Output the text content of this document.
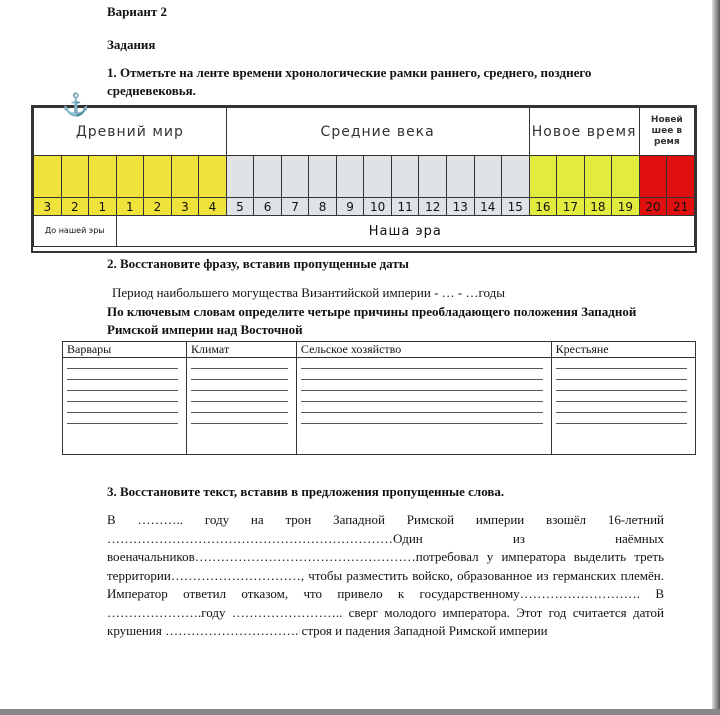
Вариант 2
Задания
1. Отметьте на ленте времени хронологические рамки раннего, среднего, позднего средневековья.
Древний мир							Средние века											Новое время				Новей шее в ремя	

3	2	1	1	2	3	4	5	6	7	8	9	10	11	12	13	14	15	16	17	18	19	20	21
До нашей эры			Наша эра																				
⚓
2. Восстановите фразу, вставив пропущенные даты
Период наибольшего могущества Византийской империи - … - …годы
По ключевым словам определите четыре причины преобладающего положения Западной Римской империи над Восточной
Варвары	Климат	Сельское хозяйство	Крестьяне

3. Восстановите текст, вставив в предложения пропущенные слова.
В ……….. году на трон Западной Римской империи взошёл 16-летний …………………………………………………………Один из наёмных военачальников……………………………………………потребовал у императора выделить треть территории…………………………, чтобы разместить войско, образованное из германских племён. Император ответил отказом, что привело к государственному………………………. В ………………….году …………………….. сверг молодого императора. Этот год считается датой крушения …………………………. строя и падения Западной Римской империи
